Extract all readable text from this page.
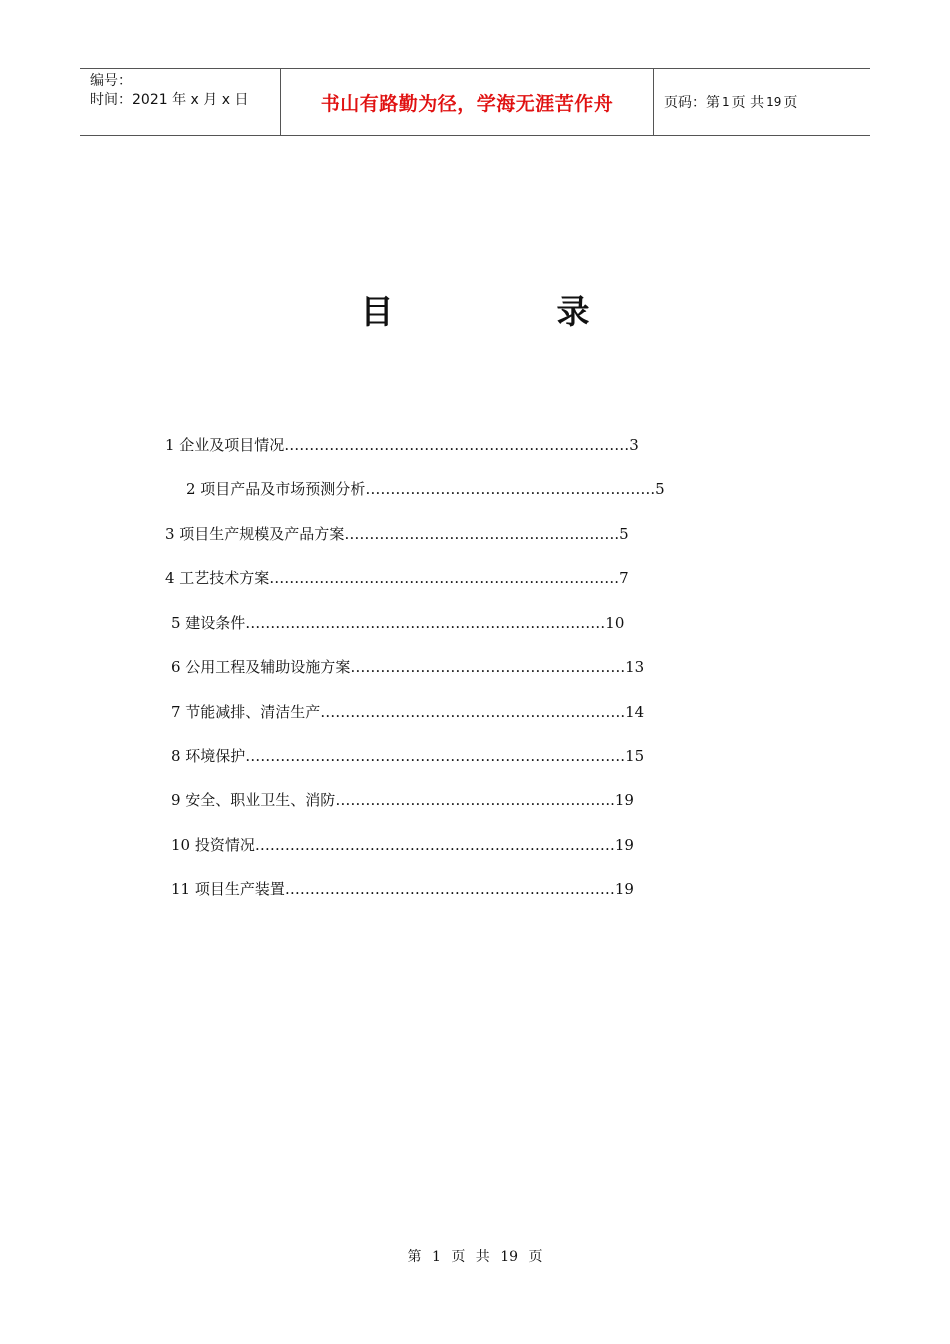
编号：
时间：2021 年 x 月 x 日	书山有路勤为径，学海无涯苦作舟	页码：第 1 页 共 19 页
目	录
1 企业及项目情况……………………………………………………………3
2 项目产品及市场预测分析………………………………………………….5
3 项目生产规模及产品方案……………………………………………….5
4 工艺技术方案…………………………………………………………….7
5 建设条件………………………………………………………………10
6 公用工程及辅助设施方案……………………………………………….13
7 节能减排、清洁生产…………………………………………………….14
8 环境保护………………………………………………………………….15
9 安全、职业卫生、消防………………………………………………..19
10 投资情况………………………………………………………………19
11 项目生产装置…………………………………………………………19
第 1 页 共 19 页
